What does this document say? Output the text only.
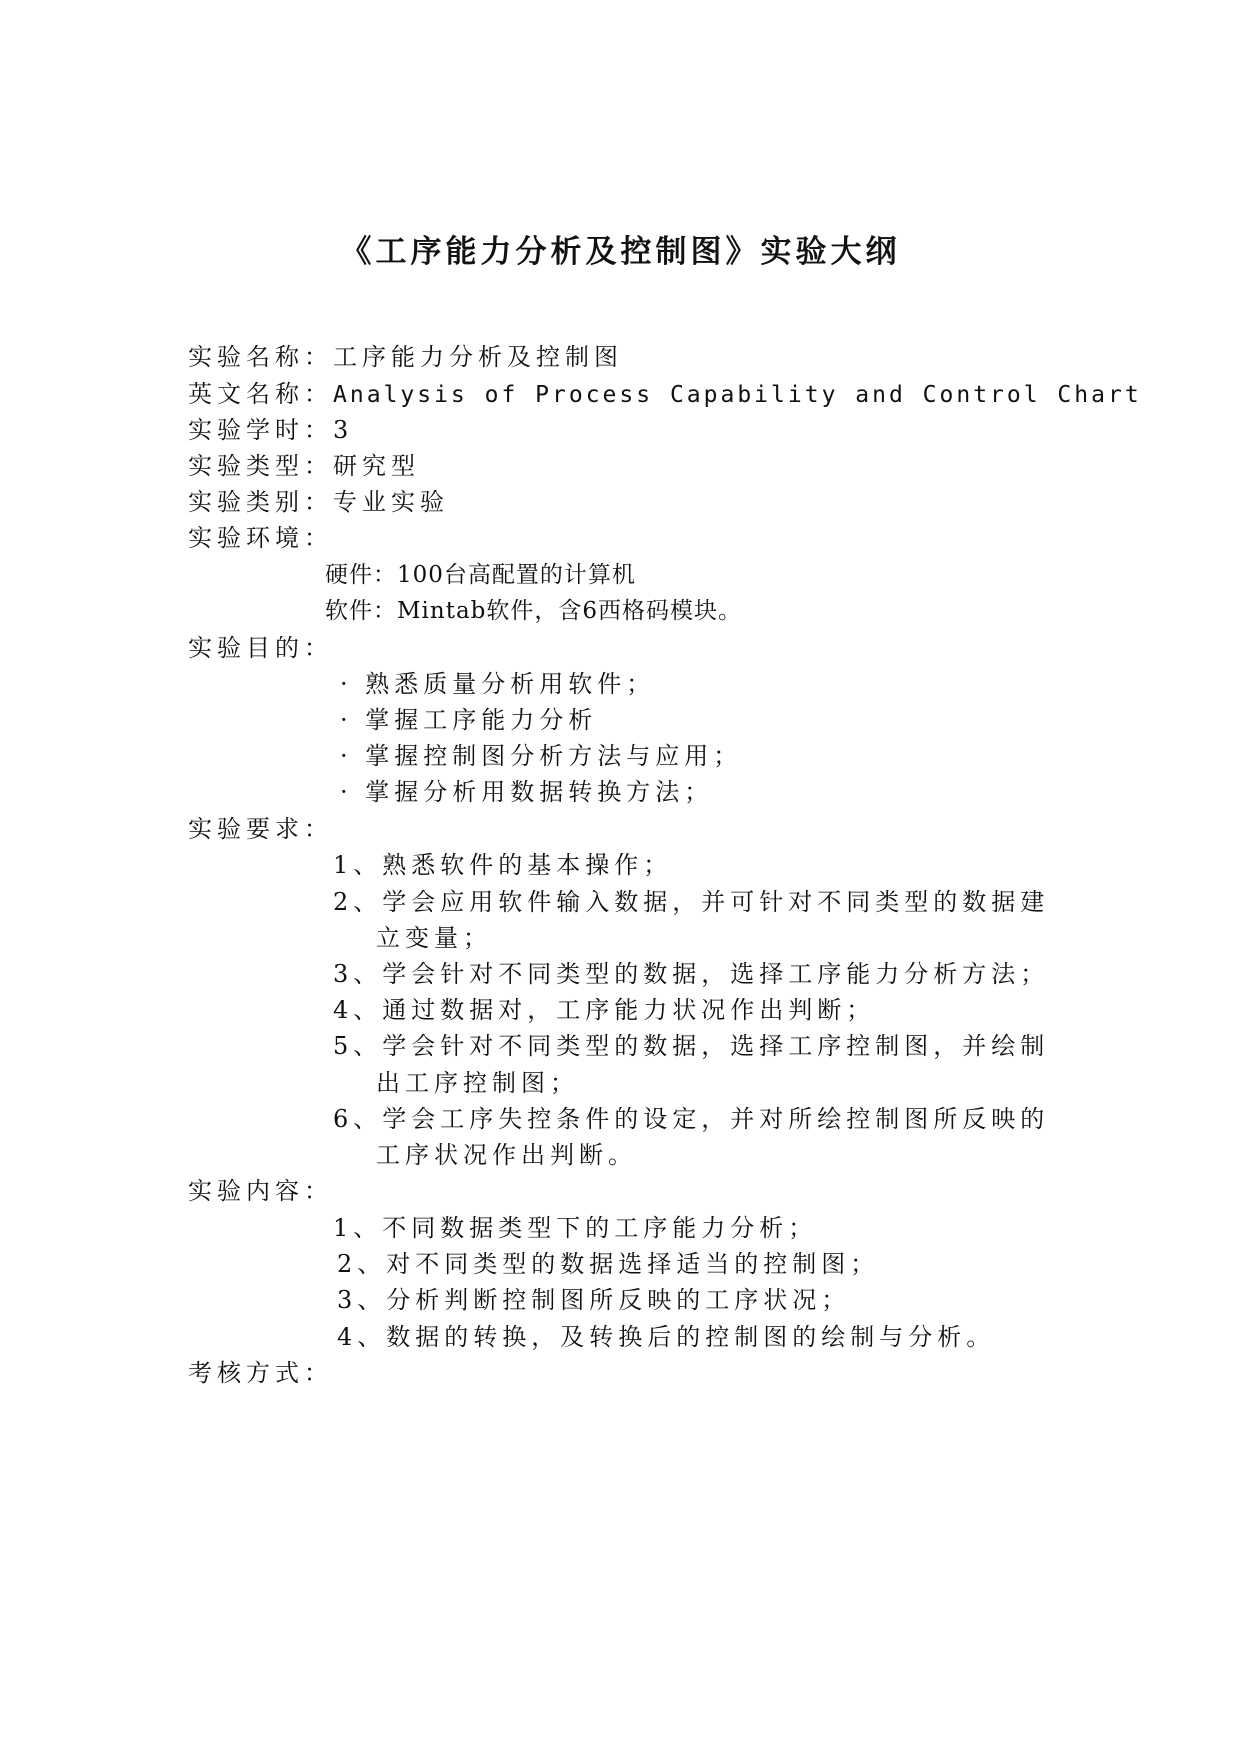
《工序能力分析及控制图》实验大纲
实验名称：工序能力分析及控制图
英文名称：Analysis of Process Capability and Control Chart
实验学时：3
实验类型：研究型
实验类别：专业实验
实验环境：
硬件：100台高配置的计算机
软件：Mintab软件，含6西格码模块。
实验目的：
· 熟悉质量分析用软件；
· 掌握工序能力分析
· 掌握控制图分析方法与应用；
· 掌握分析用数据转换方法；
实验要求：
1、熟悉软件的基本操作；
2、学会应用软件输入数据，并可针对不同类型的数据建
立变量；
3、学会针对不同类型的数据，选择工序能力分析方法；
4、通过数据对，工序能力状况作出判断；
5、学会针对不同类型的数据，选择工序控制图，并绘制
出工序控制图；
6、学会工序失控条件的设定，并对所绘控制图所反映的
工序状况作出判断。
实验内容：
1、不同数据类型下的工序能力分析；
2、对不同类型的数据选择适当的控制图；
3、分析判断控制图所反映的工序状况；
4、数据的转换，及转换后的控制图的绘制与分析。
考核方式：
